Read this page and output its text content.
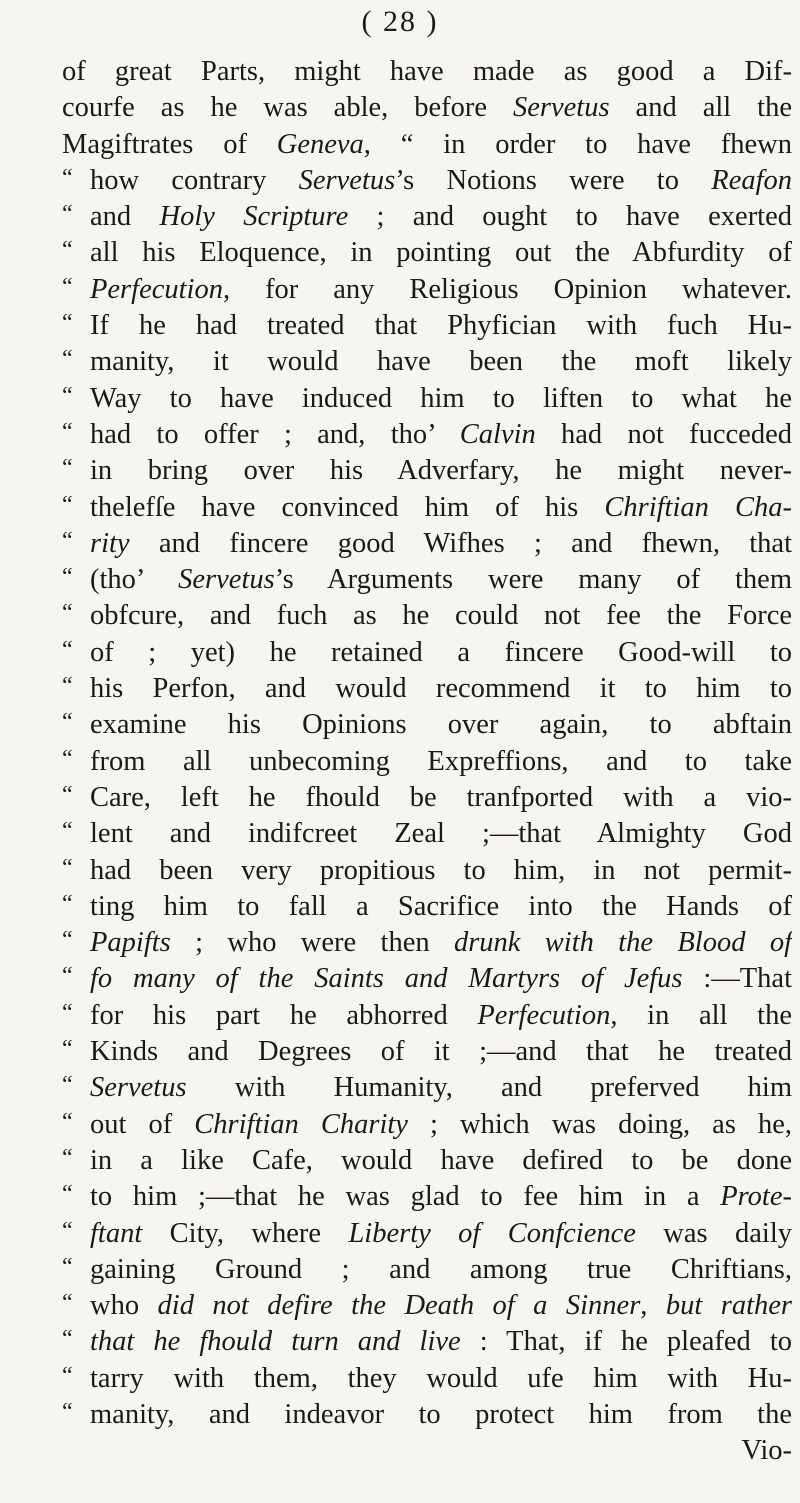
( 28 )
of great Parts, might have made as good a Dif-
courfe as he was able, before Servetus and all the
Magiftrates of Geneva, “ in order to have fhewn
“ how contrary Servetus’s Notions were to Reafon
“ and Holy Scripture ; and ought to have exerted
“ all his Eloquence, in pointing out the Abfurdity of
“ Perfecution, for any Religious Opinion whatever.
“ If he had treated that Phyfician with fuch Hu-
“ manity, it would have been the moft likely
“ Way to have induced him to liften to what he
“ had to offer ; and, tho’ Calvin had not fucceded
“ in bring over his Adverfary, he might never-
“ thelefſe have convinced him of his Chriftian Cha-
“ rity and fincere good Wifhes ; and fhewn, that
“ (tho’ Servetus’s Arguments were many of them
“ obfcure, and fuch as he could not fee the Force
“ of ; yet) he retained a fincere Good-will to
“ his Perfon, and would recommend it to him to
“ examine his Opinions over again, to abftain
“ from all unbecoming Expreffions, and to take
“ Care, left he fhould be tranfported with a vio-
“ lent and indifcreet Zeal ;—that Almighty God
“ had been very propitious to him, in not permit-
“ ting him to fall a Sacrifice into the Hands of
“ Papifts ; who were then drunk with the Blood of
“ fo many of the Saints and Martyrs of Jefus :—That
“ for his part he abhorred Perfecution, in all the
“ Kinds and Degrees of it ;—and that he treated
“ Servetus with Humanity, and preferved him
“ out of Chriftian Charity ; which was doing, as he,
“ in a like Cafe, would have defired to be done
“ to him ;—that he was glad to fee him in a Prote-
“ ftant City, where Liberty of Confcience was daily
“ gaining Ground ; and among true Chriftians,
“ who did not defire the Death of a Sinner, but rather
“ that he fhould turn and live : That, if he pleafed to
“ tarry with them, they would ufe him with Hu-
“ manity, and indeavor to protect him from the
Vio-
